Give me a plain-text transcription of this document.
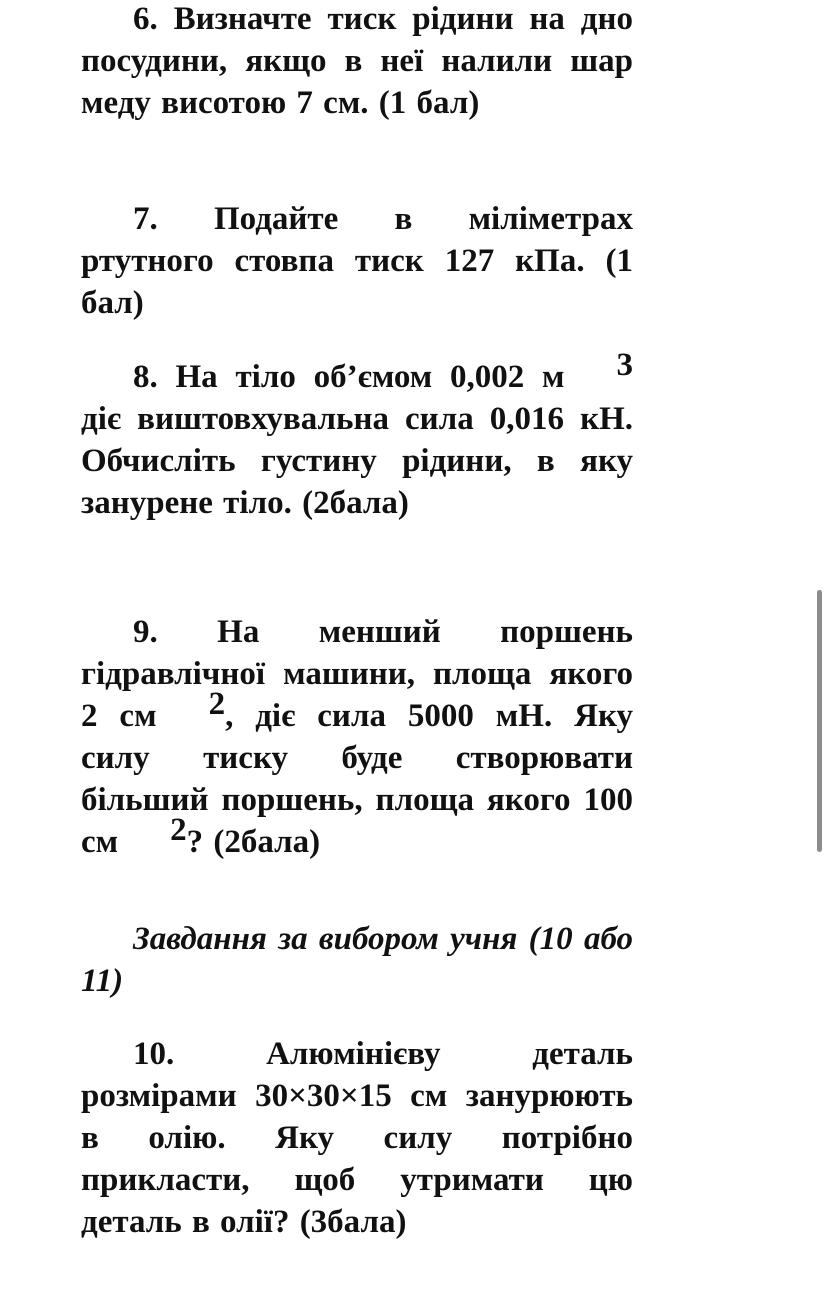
6. Визначте тиск рідини на дно посудини, якщо в неї налили шар меду висотою 7 см. (1 бал)

7. Подайте в міліметрах ртутного стовпа тиск 127 кПа. (1 бал)

8. На тіло об’ємом 0,002 м 3 діє виштовхувальна сила 0,016 кН. Обчисліть густину рідини, в яку занурене тіло. (2бала)

9. На менший поршень гідравлічної машини, площа якого 2 см 2, діє сила 5000 мН. Яку силу тиску буде створювати більший поршень, площа якого 100 см 2? (2бала)

Завдання за вибором учня (10 або 11)

10. Алюмінієву деталь розмірами 30×30×15 см занурюють в олію. Яку силу потрібно прикласти, щоб утримати цю деталь в олії? (3бала)
